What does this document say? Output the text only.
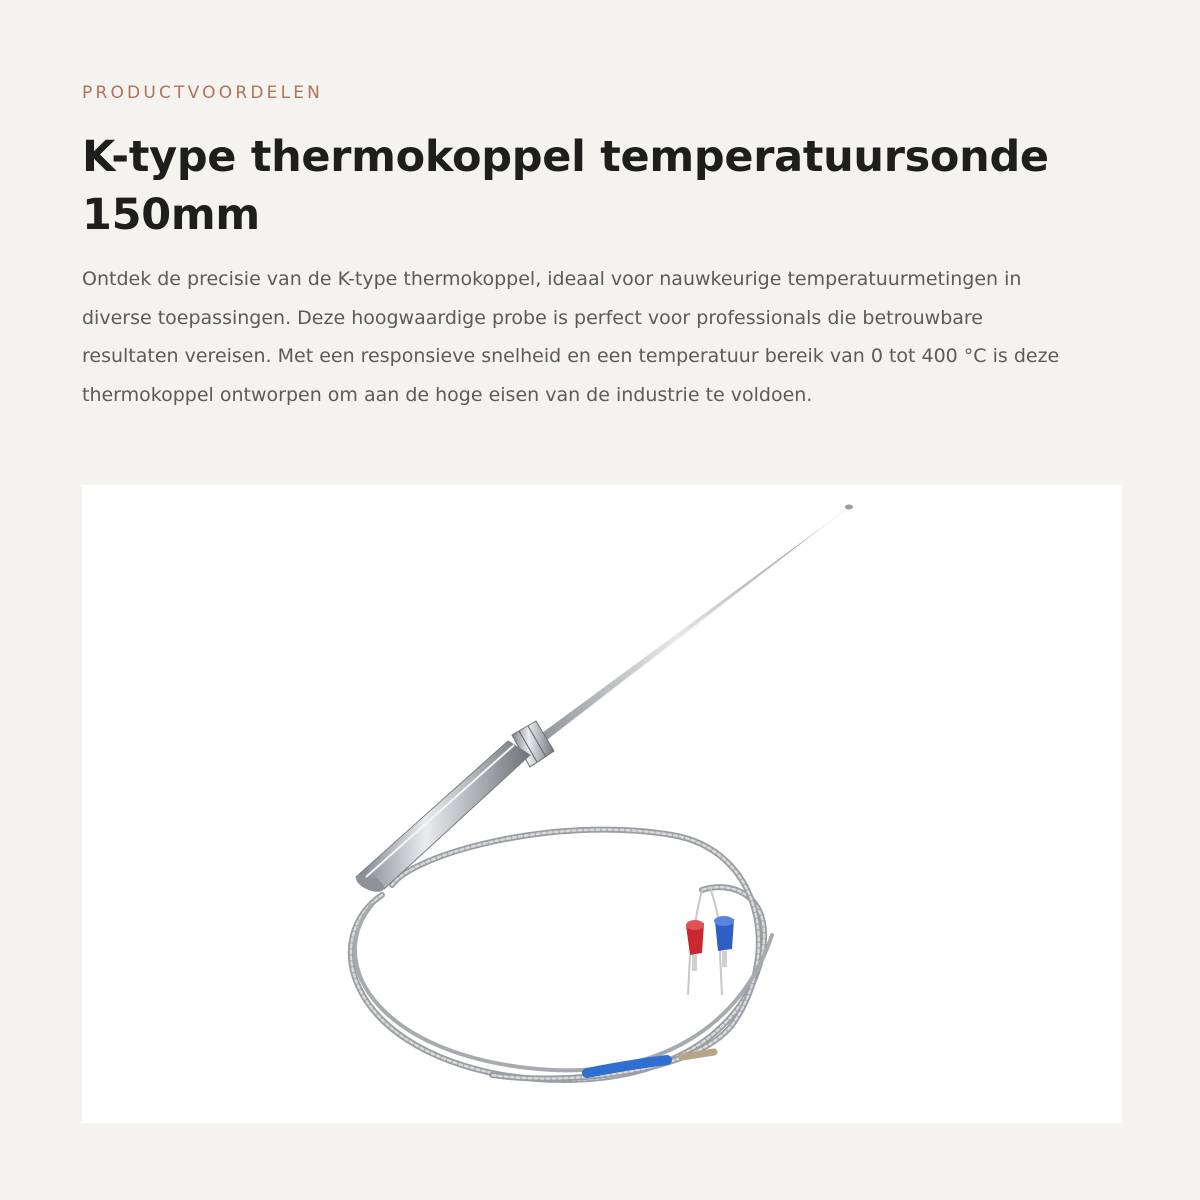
PRODUCTVOORDELEN
K-type thermokoppel temperatuursonde 150mm

Ontdek de precisie van de K-type thermokoppel, ideaal voor nauwkeurige temperatuurmetingen in diverse toepassingen. Deze hoogwaardige probe is perfect voor professionals die betrouwbare resultaten vereisen. Met een responsieve snelheid en een temperatuur bereik van 0 tot 400 °C is deze thermokoppel ontworpen om aan de hoge eisen van de industrie te voldoen.
